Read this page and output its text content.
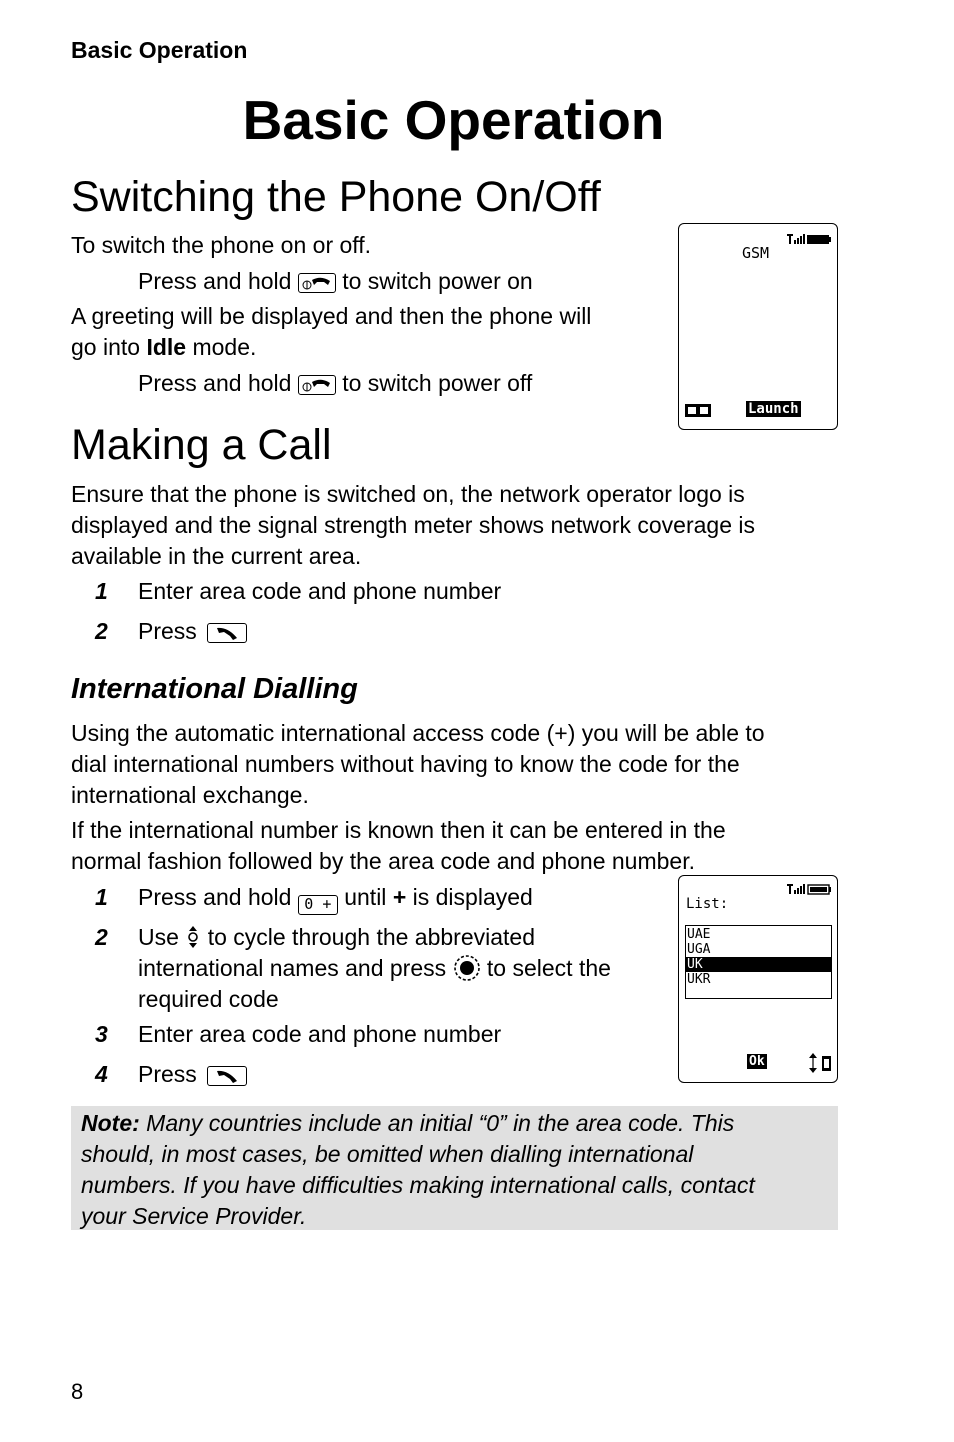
Basic Operation
Basic Operation
Switching the Phone On/Off
To switch the phone on or off.
Press and hold to switch power on
A greeting will be displayed and then the phone will
go into Idle mode.
Press and hold to switch power off
GSM
Launch
Making a Call
Ensure that the phone is switched on, the network operator logo is
displayed and the signal strength meter shows network coverage is
available in the current area.
1 Enter area code and phone number
2 Press
International Dialling
Using the automatic international access code (+) you will be able to
dial international numbers without having to know the code for the
international exchange.
If the international number is known then it can be entered in the
normal fashion followed by the area code and phone number.
1 Press and hold 0 + until + is displayed
2 Use to cycle through the abbreviated
international names and press to select the
required code
3 Enter area code and phone number
4 Press
List:
UAE
UGA
UK
UKR
Ok
Note: Many countries include an initial “0” in the area code. This
should, in most cases, be omitted when dialling international
numbers. If you have difficulties making international calls, contact
your Service Provider.
8
